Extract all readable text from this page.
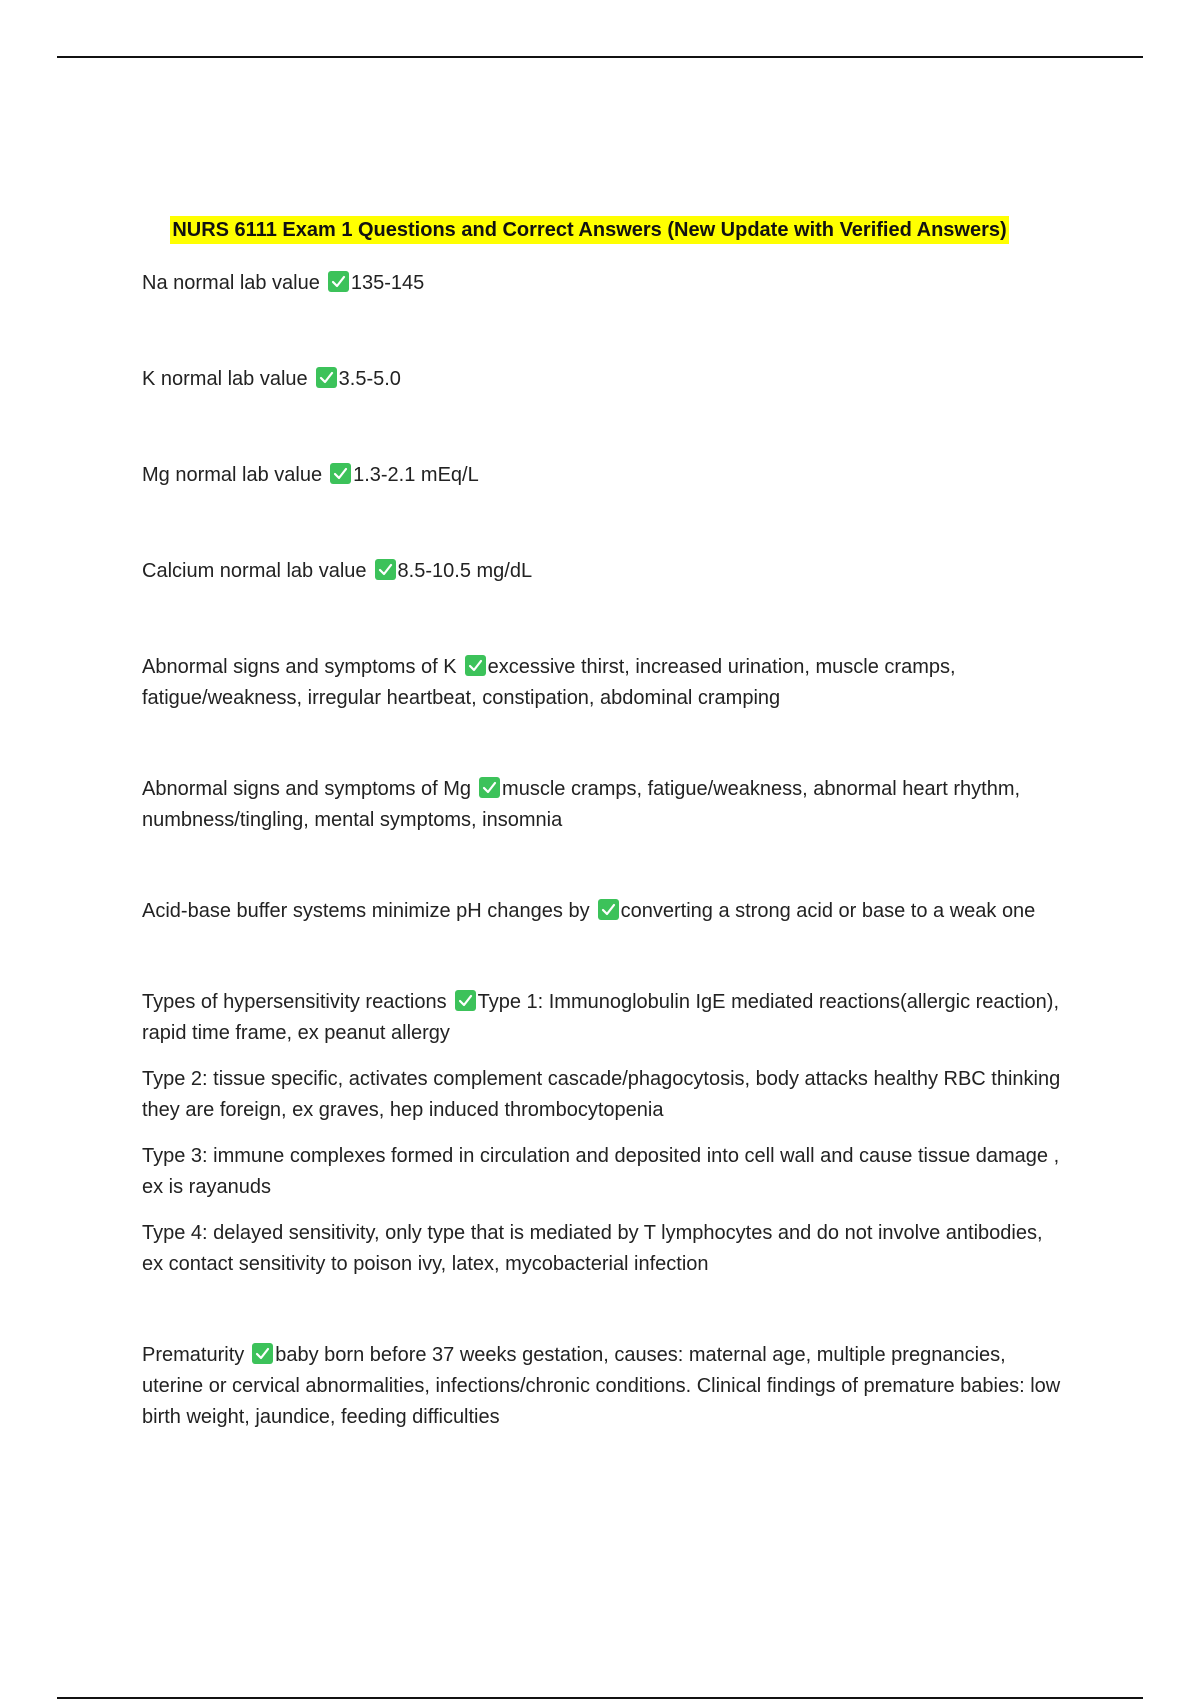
NURS 6111 Exam 1 Questions and Correct Answers (New Update with Verified Answers)

Na normal lab value 135-145

K normal lab value 3.5-5.0

Mg normal lab value 1.3-2.1 mEq/L

Calcium normal lab value 8.5-10.5 mg/dL

Abnormal signs and symptoms of K excessive thirst, increased urination, muscle cramps, fatigue/weakness, irregular heartbeat, constipation, abdominal cramping

Abnormal signs and symptoms of Mg muscle cramps, fatigue/weakness, abnormal heart rhythm, numbness/tingling, mental symptoms, insomnia

Acid-base buffer systems minimize pH changes by converting a strong acid or base to a weak one

Types of hypersensitivity reactions Type 1: Immunoglobulin IgE mediated reactions(allergic reaction), rapid time frame, ex peanut allergy

Type 2: tissue specific, activates complement cascade/phagocytosis, body attacks healthy RBC thinking they are foreign, ex graves, hep induced thrombocytopenia

Type 3: immune complexes formed in circulation and deposited into cell wall and cause tissue damage , ex is rayanuds

Type 4: delayed sensitivity, only type that is mediated by T lymphocytes and do not involve antibodies, ex contact sensitivity to poison ivy, latex, mycobacterial infection

Prematurity baby born before 37 weeks gestation, causes: maternal age, multiple pregnancies, uterine or cervical abnormalities, infections/chronic conditions. Clinical findings of premature babies: low birth weight, jaundice, feeding difficulties
